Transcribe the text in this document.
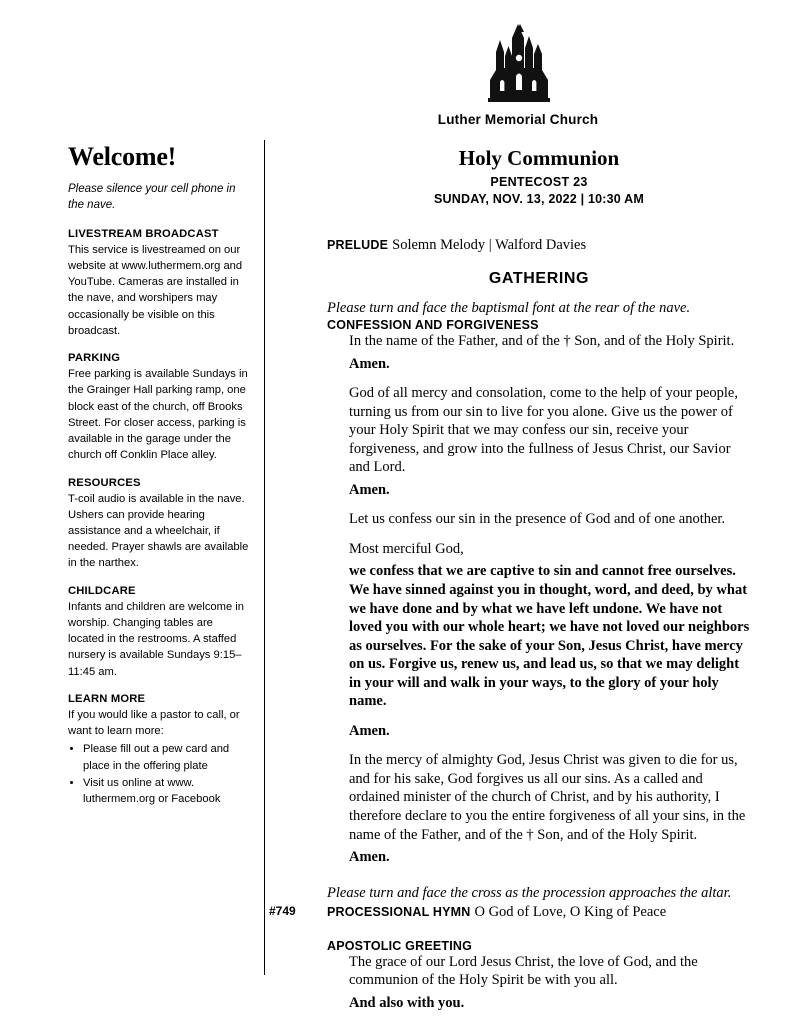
Luther Memorial Church
Welcome!
Please silence your cell phone in the nave.
LIVESTREAM BROADCAST
This service is livestreamed on our website at www.luthermem.org and YouTube. Cameras are installed in the nave, and worshipers may occasionally be visible on this broadcast.
PARKING
Free parking is available Sundays in the Grainger Hall parking ramp, one block east of the church, off Brooks Street. For closer access, parking is available in the garage under the church off Conklin Place alley.
RESOURCES
T-coil audio is available in the nave. Ushers can provide hearing assistance and a wheelchair, if needed. Prayer shawls are available in the narthex.
CHILDCARE
Infants and children are welcome in worship. Changing tables are located in the restrooms. A staffed nursery is available Sundays 9:15–11:45 am.
LEARN MORE
If you would like a pastor to call, or want to learn more:
• Please fill out a pew card and place in the offering plate
• Visit us online at www. luthermem.org or Facebook
Holy Communion
PENTECOST 23
SUNDAY, NOV. 13, 2022 | 10:30 AM
PRELUDE Solemn Melody | Walford Davies
GATHERING
Please turn and face the baptismal font at the rear of the nave.
CONFESSION AND FORGIVENESS
In the name of the Father, and of the † Son, and of the Holy Spirit.
Amen.
God of all mercy and consolation, come to the help of your people, turning us from our sin to live for you alone. Give us the power of your Holy Spirit that we may confess our sin, receive your forgiveness, and grow into the fullness of Jesus Christ, our Savior and Lord.
Amen.
Let us confess our sin in the presence of God and of one another.
Most merciful God,
we confess that we are captive to sin and cannot free ourselves. We have sinned against you in thought, word, and deed, by what we have done and by what we have left undone. We have not loved you with our whole heart; we have not loved our neighbors as ourselves. For the sake of your Son, Jesus Christ, have mercy on us. Forgive us, renew us, and lead us, so that we may delight in your will and walk in your ways, to the glory of your holy name.
Amen.
In the mercy of almighty God, Jesus Christ was given to die for us, and for his sake, God forgives us all our sins. As a called and ordained minister of the church of Christ, and by his authority, I therefore declare to you the entire forgiveness of all your sins, in the name of the Father, and of the † Son, and of the Holy Spirit.
Amen.
Please turn and face the cross as the procession approaches the altar.
#749	PROCESSIONAL HYMN O God of Love, O King of Peace
APOSTOLIC GREETING
The grace of our Lord Jesus Christ, the love of God, and the communion of the Holy Spirit be with you all.
And also with you.
